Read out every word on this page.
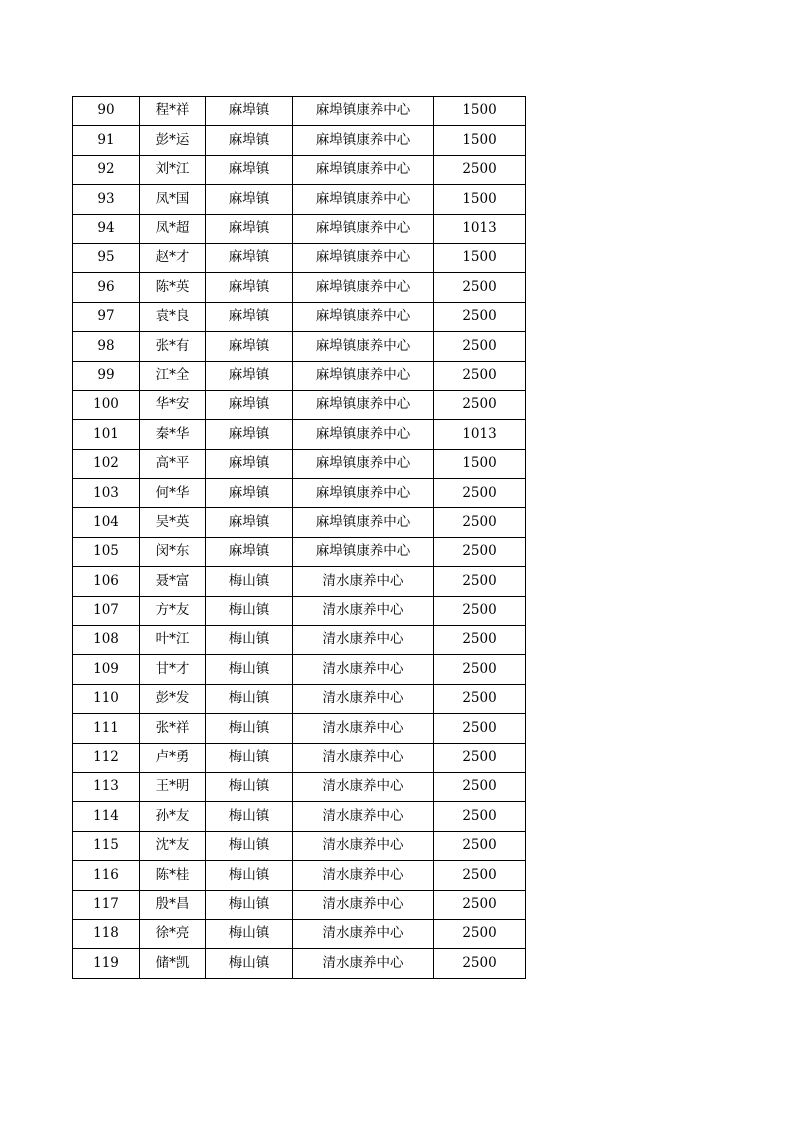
90	程*祥	麻埠镇	麻埠镇康养中心	1500
91	彭*运	麻埠镇	麻埠镇康养中心	1500
92	刘*江	麻埠镇	麻埠镇康养中心	2500
93	凤*国	麻埠镇	麻埠镇康养中心	1500
94	凤*超	麻埠镇	麻埠镇康养中心	1013
95	赵*才	麻埠镇	麻埠镇康养中心	1500
96	陈*英	麻埠镇	麻埠镇康养中心	2500
97	袁*良	麻埠镇	麻埠镇康养中心	2500
98	张*有	麻埠镇	麻埠镇康养中心	2500
99	江*全	麻埠镇	麻埠镇康养中心	2500
100	华*安	麻埠镇	麻埠镇康养中心	2500
101	秦*华	麻埠镇	麻埠镇康养中心	1013
102	高*平	麻埠镇	麻埠镇康养中心	1500
103	何*华	麻埠镇	麻埠镇康养中心	2500
104	吴*英	麻埠镇	麻埠镇康养中心	2500
105	闵*东	麻埠镇	麻埠镇康养中心	2500
106	聂*富	梅山镇	清水康养中心	2500
107	方*友	梅山镇	清水康养中心	2500
108	叶*江	梅山镇	清水康养中心	2500
109	甘*才	梅山镇	清水康养中心	2500
110	彭*发	梅山镇	清水康养中心	2500
111	张*祥	梅山镇	清水康养中心	2500
112	卢*勇	梅山镇	清水康养中心	2500
113	王*明	梅山镇	清水康养中心	2500
114	孙*友	梅山镇	清水康养中心	2500
115	沈*友	梅山镇	清水康养中心	2500
116	陈*桂	梅山镇	清水康养中心	2500
117	殷*昌	梅山镇	清水康养中心	2500
118	徐*亮	梅山镇	清水康养中心	2500
119	储*凯	梅山镇	清水康养中心	2500
